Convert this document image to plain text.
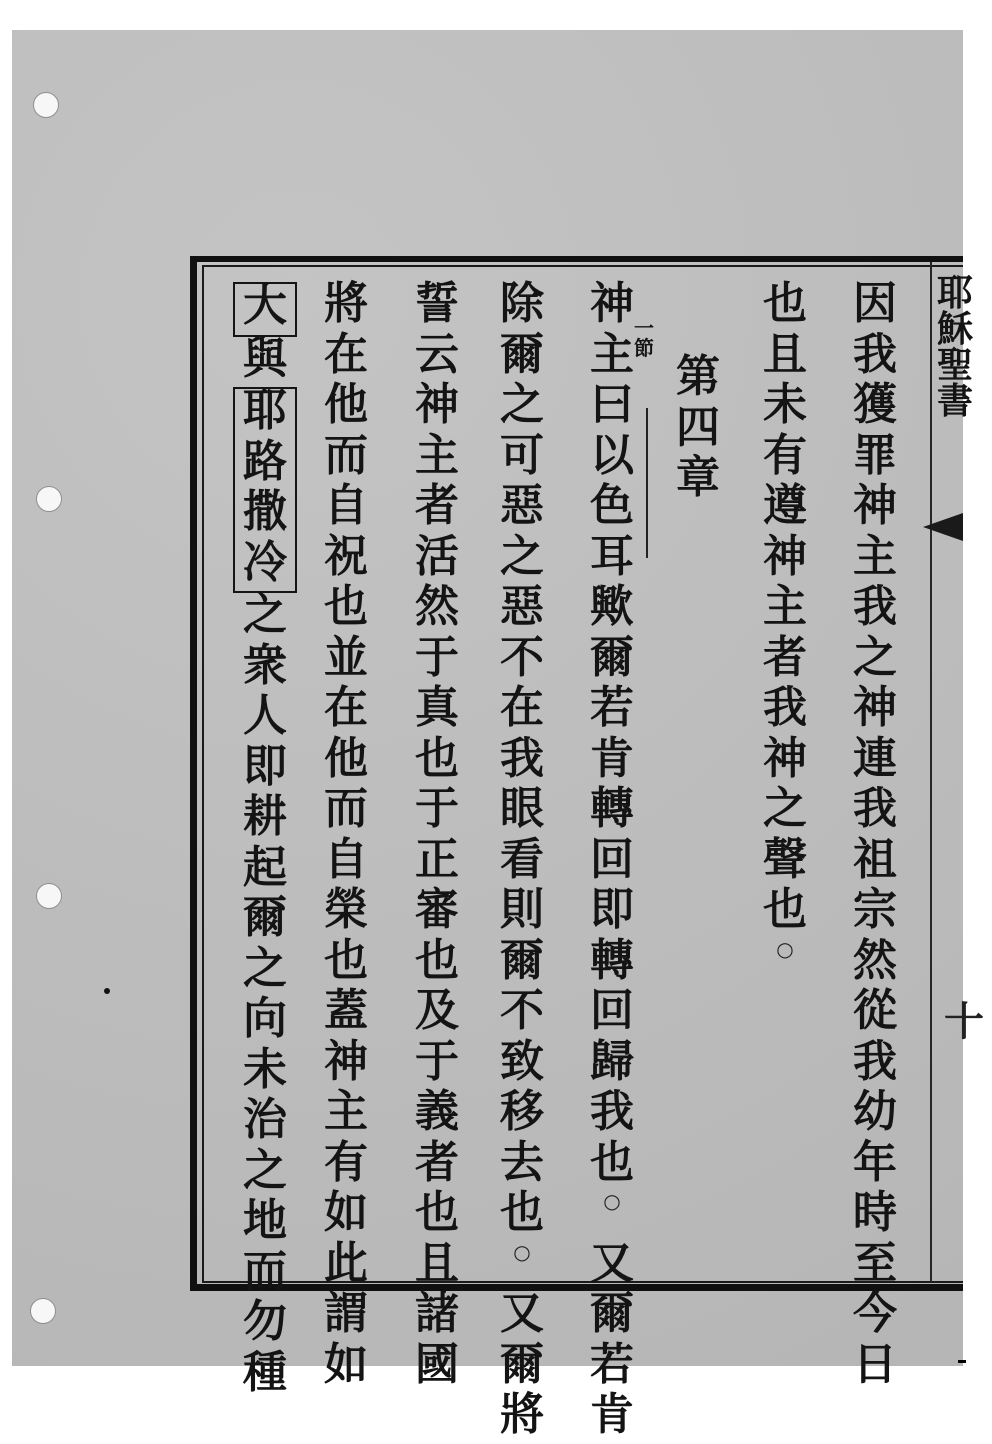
耶穌聖書
十
一節
因
我
獲
罪
神
主
我
之
神
連
我
祖
宗
然
從
我
幼
年
時
至
今
日
也
且
未
有
遵
神
主
者
我
神
之
聲
也
○
第
四
章
神
主
曰
以
色
耳
歟
爾
若
肯
轉
回
即
轉
回
歸
我
也
○
又
爾
若
肯
除
爾
之
可
惡
之
惡
不
在
我
眼
看
則
爾
不
致
移
去
也
○
又
爾
將
誓
云
神
主
者
活
然
于
真
也
于
正
審
也
及
于
義
者
也
且
諸
國
將
在
他
而
自
祝
也
並
在
他
而
自
榮
也
蓋
神
主
有
如
此
謂
如
大
與
耶
路
撒
冷
之
衆
人
即
耕
起
爾
之
向
未
治
之
地
而
勿
種
